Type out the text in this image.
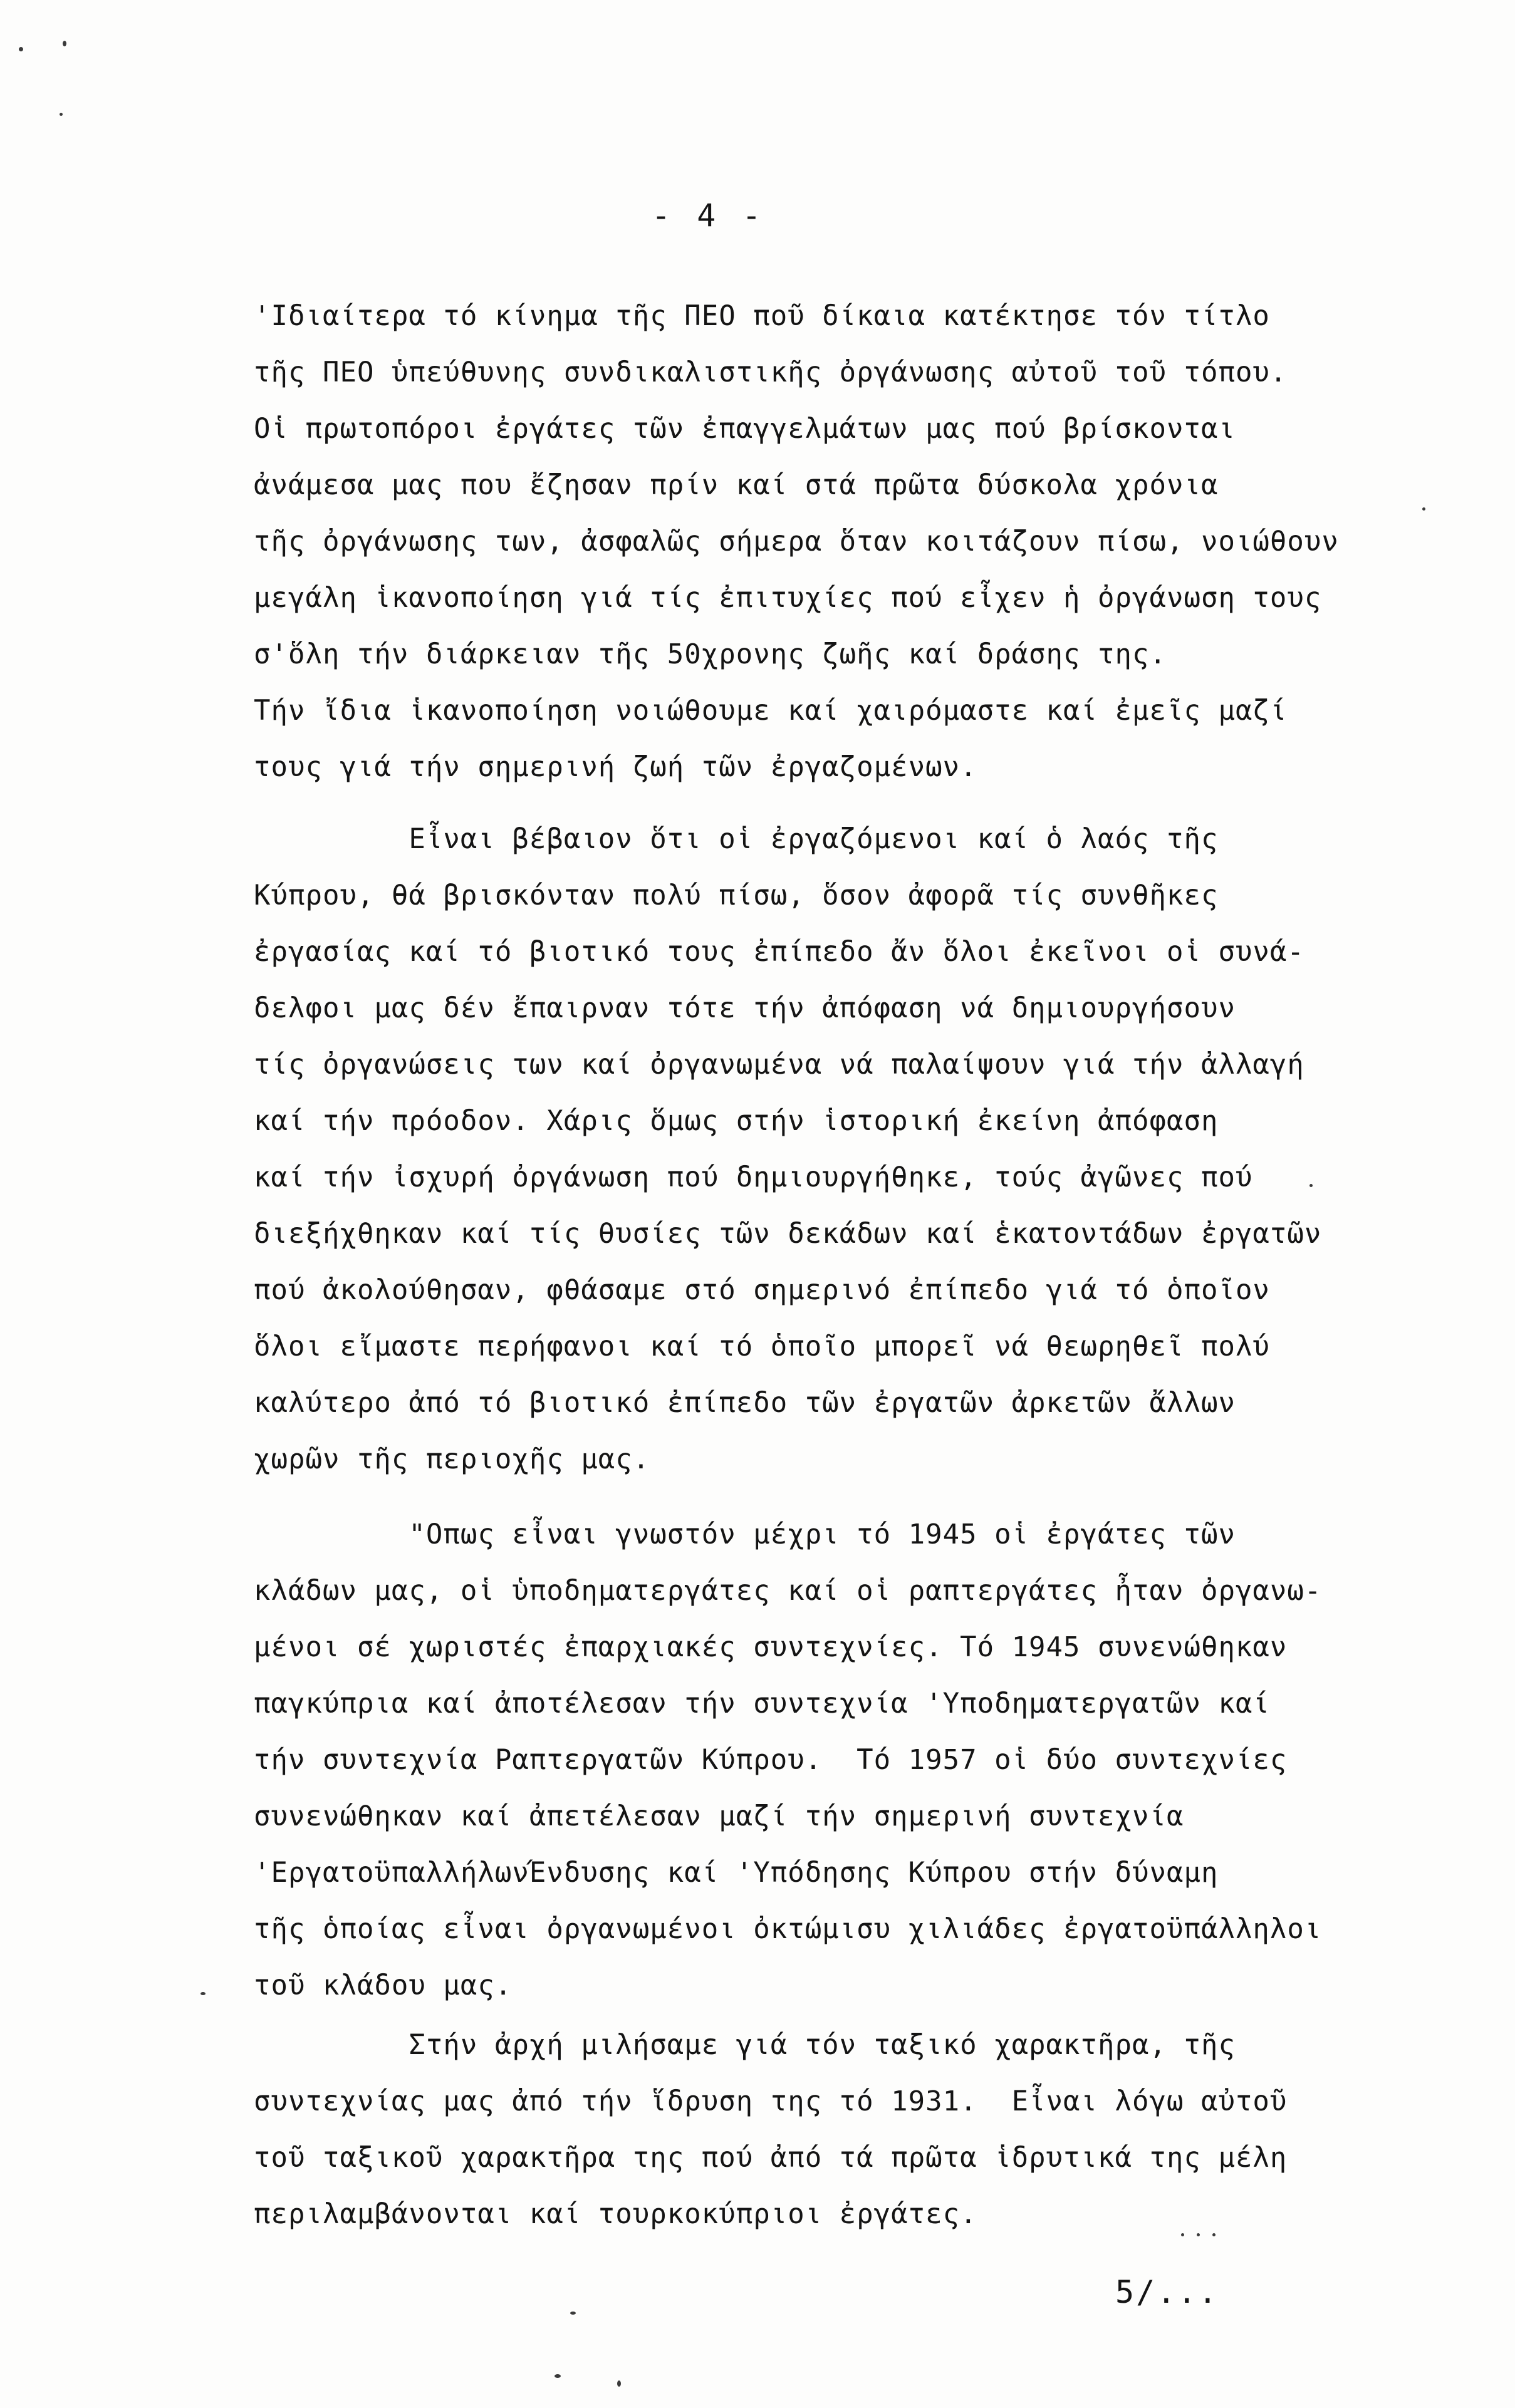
- 4 -
'Ιδιαίτερα τό κίνημα τῆς ΠΕΟ ποῦ δίκαια κατέκτησε τόν τίτλο
τῆς ΠΕΟ ὑπεύθυνης συνδικαλιστικῆς ὀργάνωσης αὐτοῦ τοῦ τόπου.
Οἱ πρωτοπόροι ἐργάτες τῶν ἐπαγγελμάτων μας πού βρίσκονται
ἀνάμεσα μας που ἔζησαν πρίν καί στά πρῶτα δύσκολα χρόνια
τῆς ὀργάνωσης των, ἀσφαλῶς σήμερα ὅταν κοιτάζουν πίσω, νοιώθουν
μεγάλη ἱκανοποίηση γιά τίς ἐπιτυχίες πού εἶχεν ἡ ὀργάνωση τους
σ'ὅλη τήν διάρκειαν τῆς 50χρονης ζωῆς καί δράσης της.
Τήν ἴδια ἱκανοποίηση νοιώθουμε καί χαιρόμαστε καί ἐμεῖς μαζί
τους γιά τήν σημερινή ζωή τῶν ἐργαζομένων.
Εἶναι βέβαιον ὅτι οἱ ἐργαζόμενοι καί ὁ λαός τῆς
Κύπρου, θά βρισκόνταν πολύ πίσω, ὅσον ἀφορᾶ τίς συνθῆκες
ἐργασίας καί τό βιοτικό τους ἐπίπεδο ἄν ὅλοι ἐκεῖνοι οἱ συνά-
δελφοι μας δέν ἔπαιρναν τότε τήν ἀπόφαση νά δημιουργήσουν
τίς ὀργανώσεις των καί ὀργανωμένα νά παλαίψουν γιά τήν ἀλλαγή
καί τήν πρόοδον. Χάρις ὅμως στήν ἱστορική ἐκείνη ἀπόφαση
καί τήν ἰσχυρή ὀργάνωση πού δημιουργήθηκε, τούς ἀγῶνες πού
διεξήχθηκαν καί τίς θυσίες τῶν δεκάδων καί ἑκατοντάδων ἐργατῶν
πού ἀκολούθησαν, φθάσαμε στό σημερινό ἐπίπεδο γιά τό ὁποῖον
ὅλοι εἴμαστε περήφανοι καί τό ὁποῖο μπορεῖ νά θεωρηθεῖ πολύ
καλύτερο ἀπό τό βιοτικό ἐπίπεδο τῶν ἐργατῶν ἀρκετῶν ἄλλων
χωρῶν τῆς περιοχῆς μας.
"Οπως εἶναι γνωστόν μέχρι τό 1945 οἱ ἐργάτες τῶν
κλάδων μας, οἱ ὑποδηματεργάτες καί οἱ ραπτεργάτες ἦταν ὀργανω-
μένοι σέ χωριστές ἐπαρχιακές συντεχνίες. Τό 1945 συνενώθηκαν
παγκύπρια καί ἀποτέλεσαν τήν συντεχνία 'Υποδηματεργατῶν καί
τήν συντεχνία Ραπτεργατῶν Κύπρου.  Τό 1957 οἱ δύο συντεχνίες
συνενώθηκαν καί ἀπετέλεσαν μαζί τήν σημερινή συντεχνία
'ΕργατοϋπαλλήλωνΈνδυσης καί 'Υπόδησης Κύπρου στήν δύναμη
τῆς ὁποίας εἶναι ὀργανωμένοι ὀκτώμισυ χιλιάδες ἐργατοϋπάλληλοι
τοῦ κλάδου μας.
Στήν ἀρχή μιλήσαμε γιά τόν ταξικό χαρακτῆρα, τῆς
συντεχνίας μας ἀπό τήν ἵδρυση της τό 1931.  Εἶναι λόγω αὐτοῦ
τοῦ ταξικοῦ χαρακτῆρα της πού ἀπό τά πρῶτα ἱδρυτικά της μέλη
περιλαμβάνονται καί τουρκοκύπριοι ἐργάτες.
5/...
